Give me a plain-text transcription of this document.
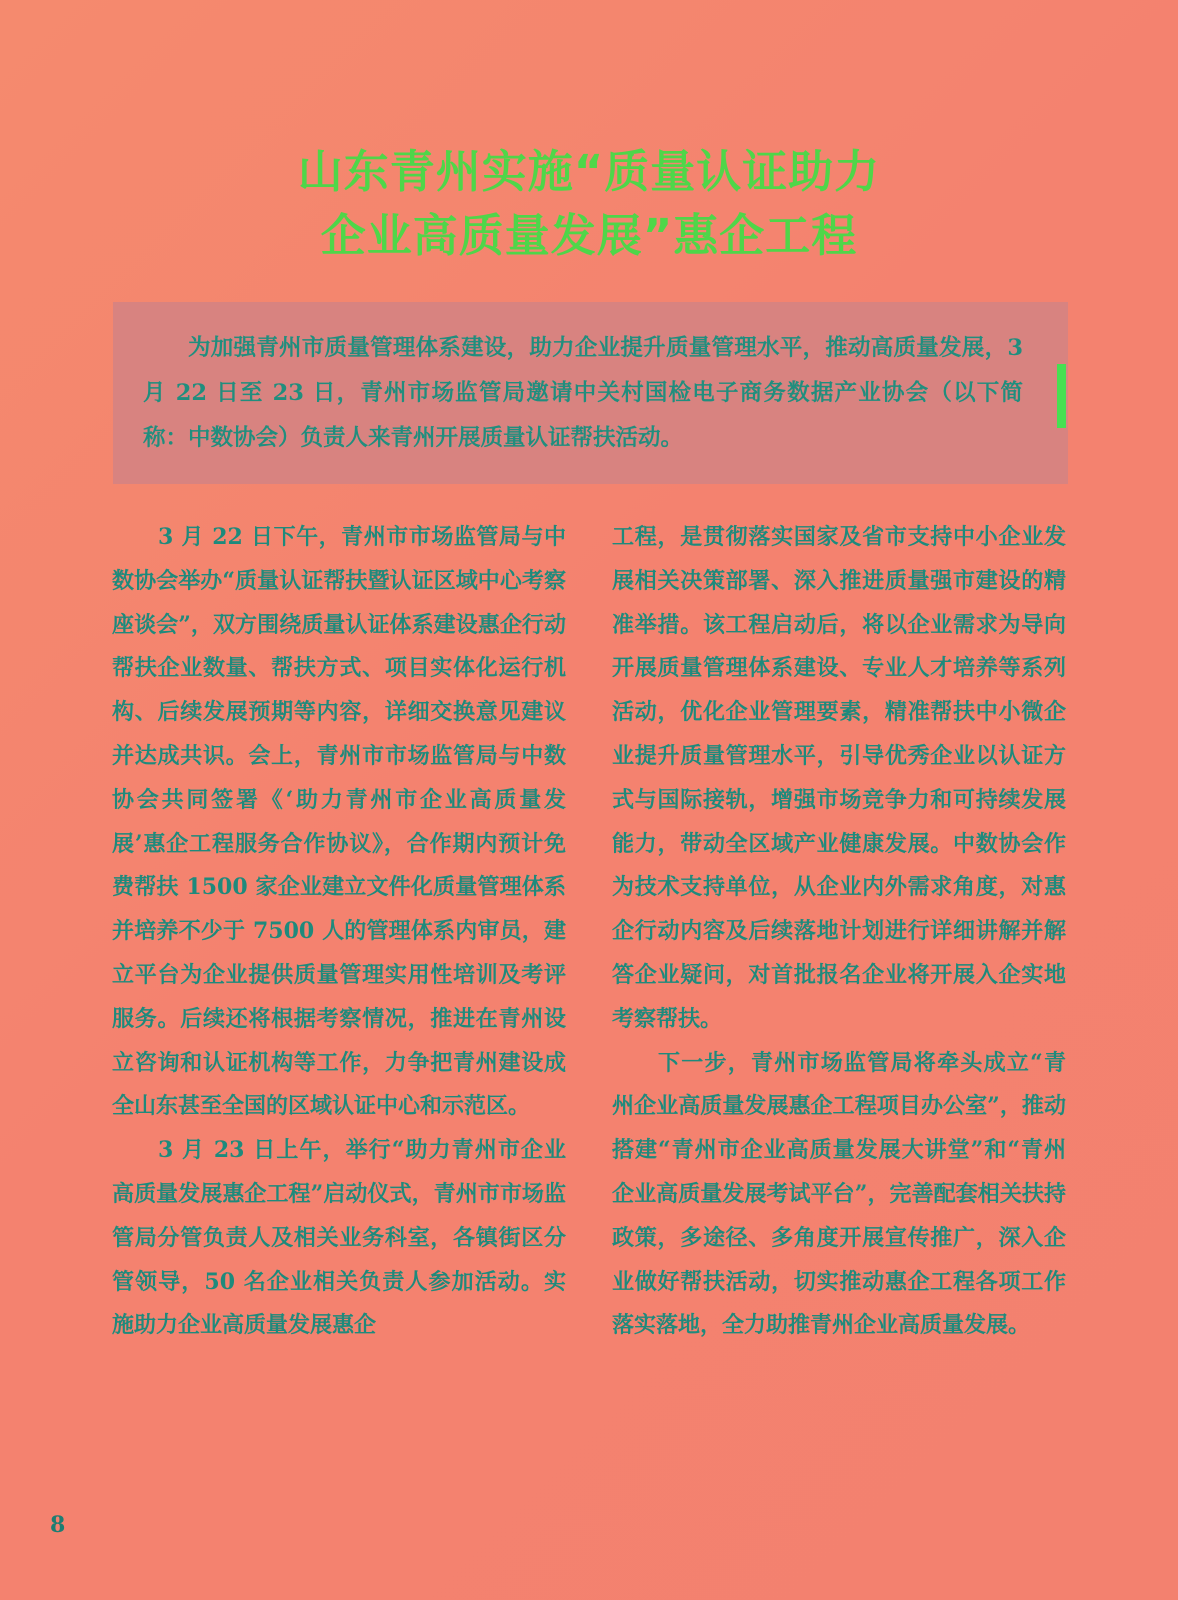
山东青州实施“质量认证助力
企业高质量发展”惠企工程
为加强青州市质量管理体系建设，助力企业提升质量管理水平，推动高质量发展，3 月 22 日至 23 日，青州市场监管局邀请中关村国检电子商务数据产业协会（以下简称：中数协会）负责人来青州开展质量认证帮扶活动。

3 月 22 日下午，青州市市场监管局与中数协会举办“质量认证帮扶暨认证区域中心考察座谈会”，双方围绕质量认证体系建设惠企行动帮扶企业数量、帮扶方式、项目实体化运行机构、后续发展预期等内容，详细交换意见建议并达成共识。会上，青州市市场监管局与中数协会共同签署《‘助力青州市企业高质量发展’惠企工程服务合作协议》，合作期内预计免费帮扶 1500 家企业建立文件化质量管理体系并培养不少于 7500 人的管理体系内审员，建立平台为企业提供质量管理实用性培训及考评服务。后续还将根据考察情况，推进在青州设立咨询和认证机构等工作，力争把青州建设成全山东甚至全国的区域认证中心和示范区。

3 月 23 日上午，举行“助力青州市企业高质量发展惠企工程”启动仪式，青州市市场监管局分管负责人及相关业务科室，各镇街区分管领导，50 名企业相关负责人参加活动。实施助力企业高质量发展惠企

工程，是贯彻落实国家及省市支持中小企业发展相关决策部署、深入推进质量强市建设的精准举措。该工程启动后，将以企业需求为导向开展质量管理体系建设、专业人才培养等系列活动，优化企业管理要素，精准帮扶中小微企业提升质量管理水平，引导优秀企业以认证方式与国际接轨，增强市场竞争力和可持续发展能力，带动全区域产业健康发展。中数协会作为技术支持单位，从企业内外需求角度，对惠企行动内容及后续落地计划进行详细讲解并解答企业疑问，对首批报名企业将开展入企实地考察帮扶。

下一步，青州市场监管局将牵头成立“青州企业高质量发展惠企工程项目办公室”，推动搭建“青州市企业高质量发展大讲堂”和“青州企业高质量发展考试平台”，完善配套相关扶持政策，多途径、多角度开展宣传推广，深入企业做好帮扶活动，切实推动惠企工程各项工作落实落地，全力助推青州企业高质量发展。

8
